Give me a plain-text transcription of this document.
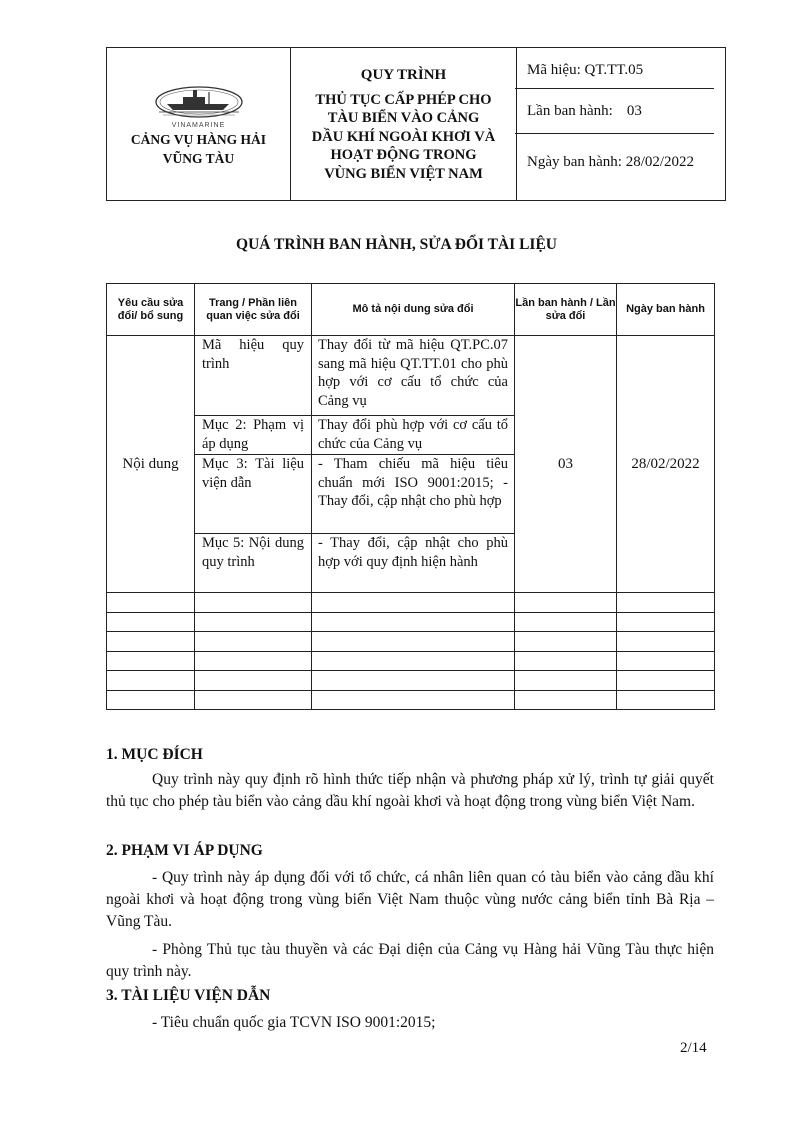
VINAMARINE
CẢNG VỤ HÀNG HẢI
VŨNG TÀU

QUY TRÌNH
THỦ TỤC CẤP PHÉP CHO
TÀU BIỂN VÀO CẢNG
DẦU KHÍ NGOÀI KHƠI VÀ
HOẠT ĐỘNG TRONG
VÙNG BIỂN VIỆT NAM

Mã hiệu: QT.TT.05
Lần ban hành: 03
Ngày ban hành: 28/02/2022
QUÁ TRÌNH BAN HÀNH, SỬA ĐỔI TÀI LIỆU
Yêu cầu sửa đổi/ bổ sung	Trang / Phần liên quan việc sửa đổi	Mô tả nội dung sửa đổi	Lần ban hành / Lần sửa đổi	Ngày ban hành
Nội dung	Mã hiệu quy trình	Thay đổi từ mã hiệu QT.PC.07 sang mã hiệu QT.TT.01 cho phù hợp với cơ cấu tổ chức của Cảng vụ	03	28/02/2022
	Mục 2: Phạm vị áp dụng	Thay đổi phù hợp với cơ cấu tổ chức của Cảng vụ		
	Mục 3: Tài liệu viện dẫn	- Tham chiếu mã hiệu tiêu chuẩn mới ISO 9001:2015; - Thay đổi, cập nhật cho phù hợp		
	Mục 5: Nội dung quy trình	- Thay đổi, cập nhật cho phù hợp với quy định hiện hành		

1. MỤC ĐÍCH
Quy trình này quy định rõ hình thức tiếp nhận và phương pháp xử lý, trình tự giải quyết thủ tục cho phép tàu biển vào cảng dầu khí ngoài khơi và hoạt động trong vùng biển Việt Nam.
2. PHẠM VI ÁP DỤNG
- Quy trình này áp dụng đối với tổ chức, cá nhân liên quan có tàu biển vào cảng dầu khí ngoài khơi và hoạt động trong vùng biển Việt Nam thuộc vùng nước cảng biển tỉnh Bà Rịa – Vũng Tàu.
- Phòng Thủ tục tàu thuyền và các Đại diện của Cảng vụ Hàng hải Vũng Tàu thực hiện quy trình này.
3. TÀI LIỆU VIỆN DẪN
- Tiêu chuẩn quốc gia TCVN ISO 9001:2015;
2/14
